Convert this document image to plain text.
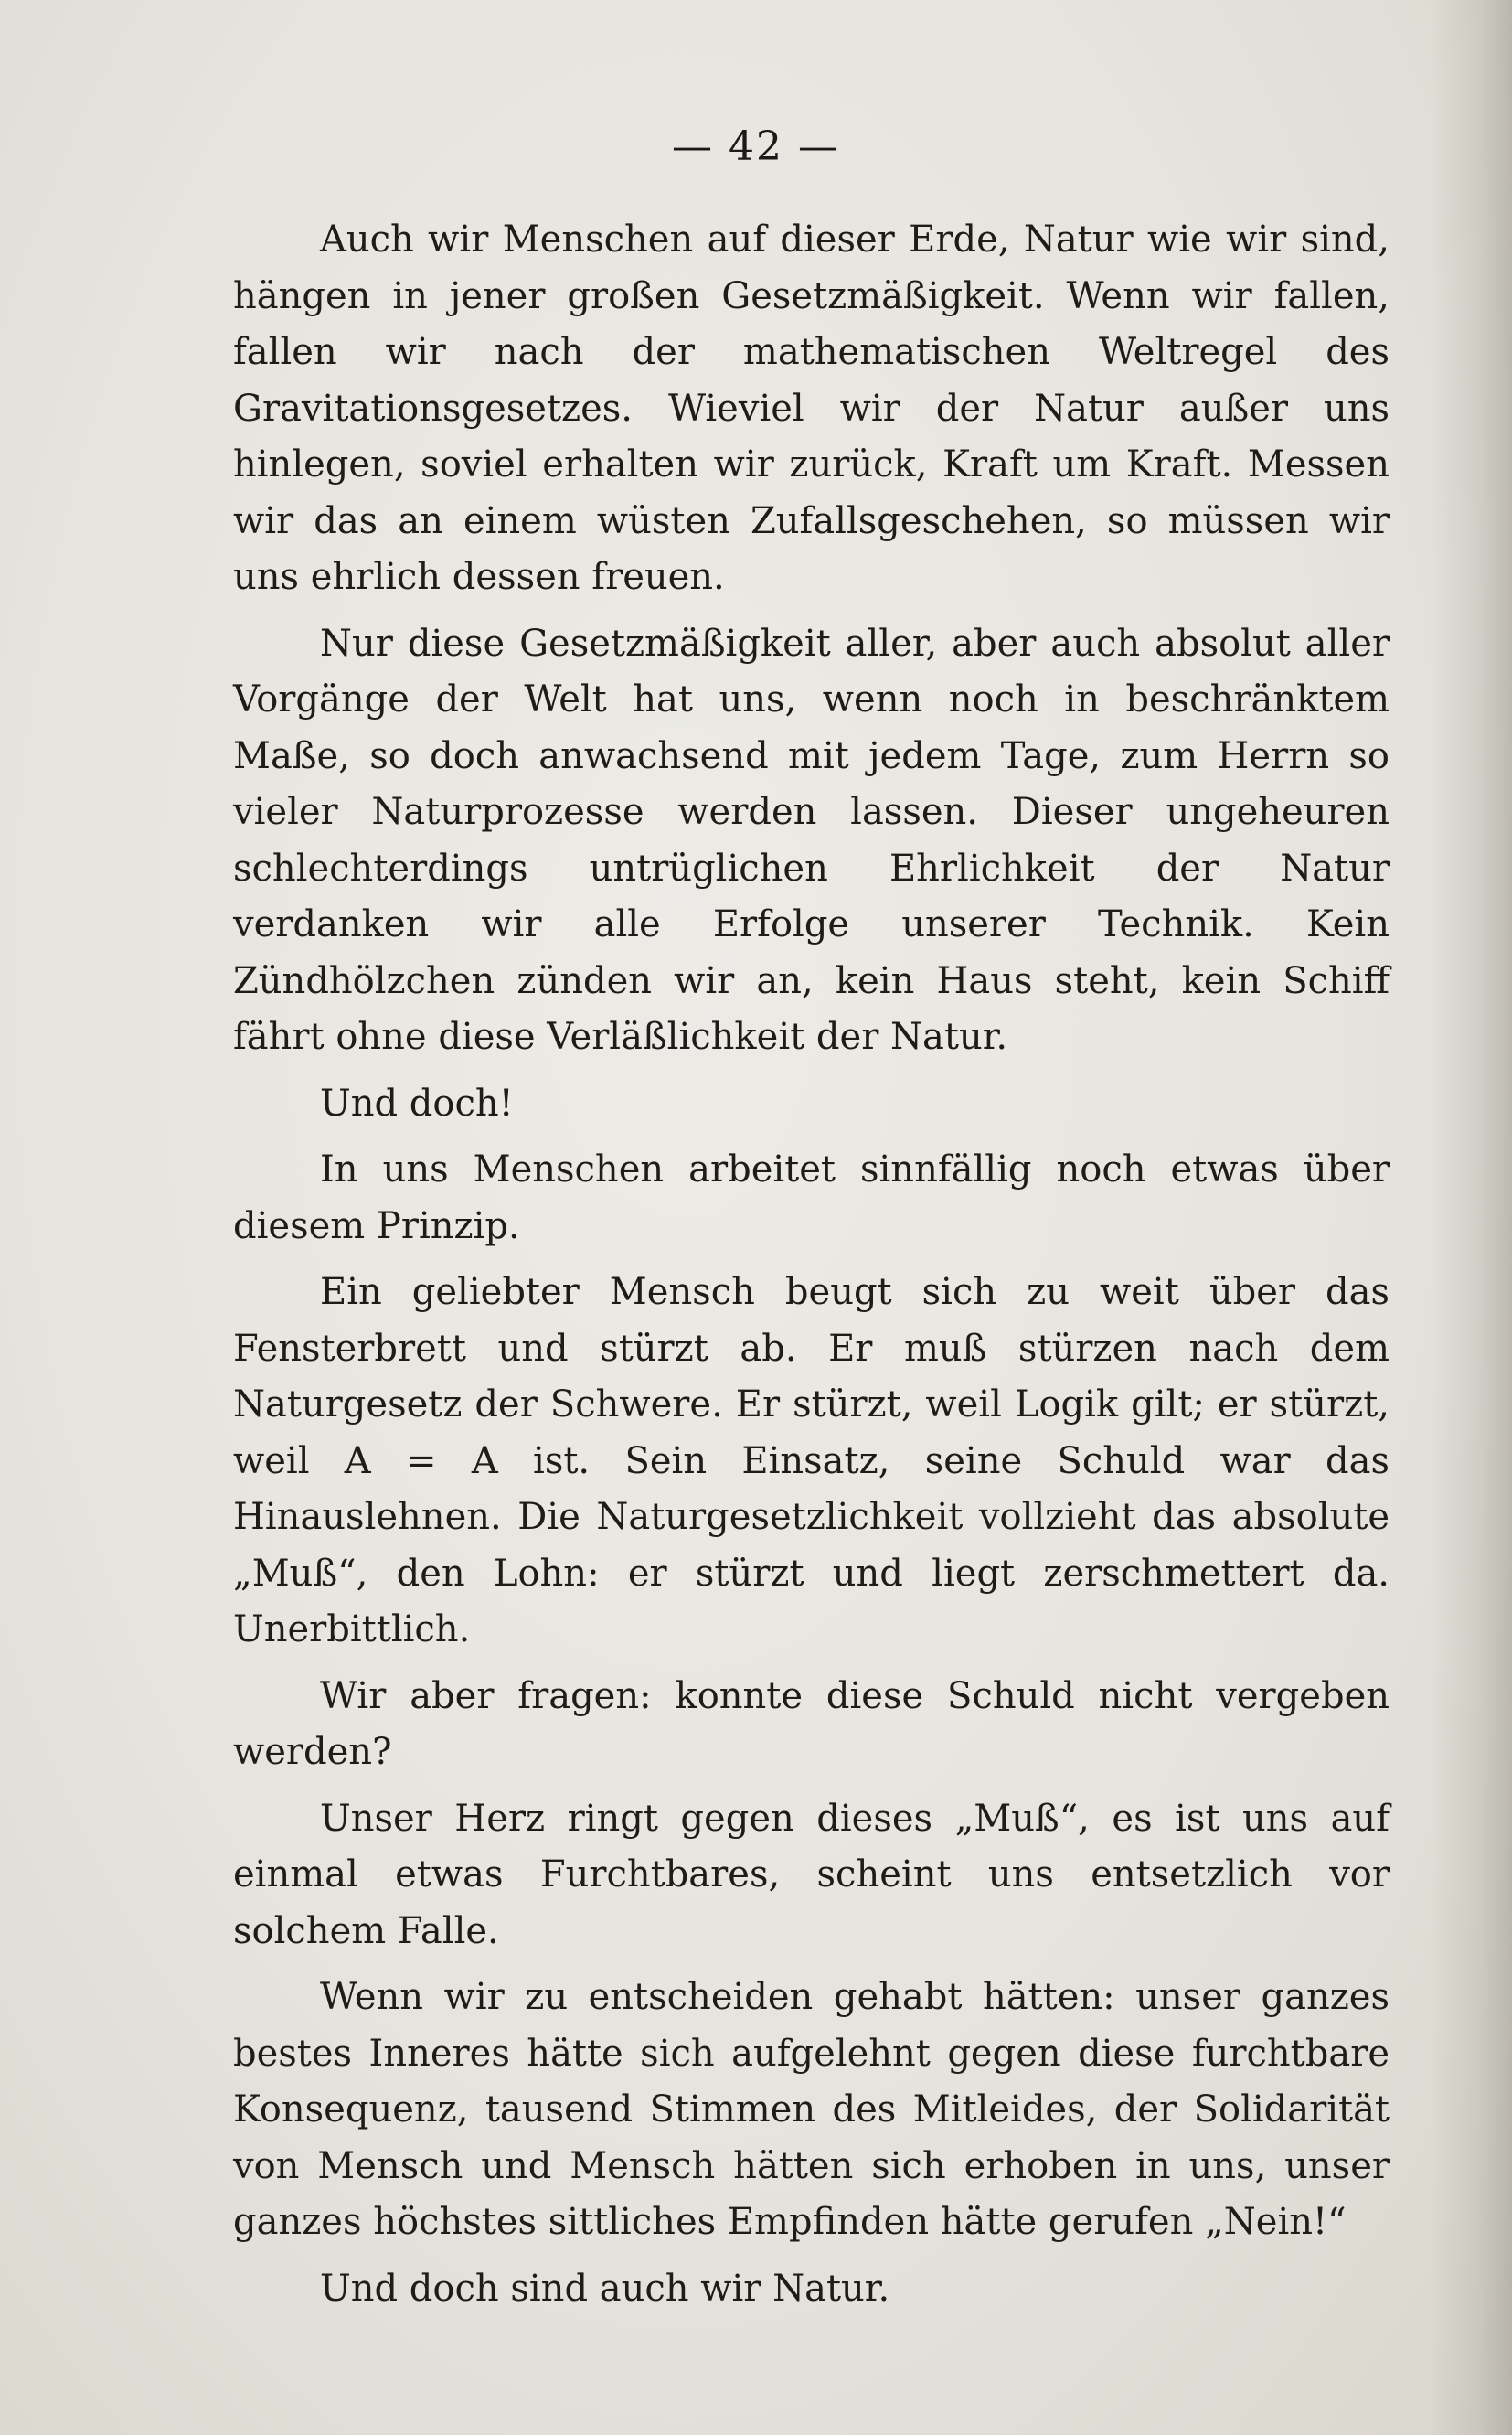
— 42 —

Auch wir Menschen auf dieser Erde, Natur wie wir sind, hängen in jener großen Gesetzmäßigkeit. Wenn wir fallen, fallen wir nach der mathematischen Weltregel des Gravitationsgesetzes. Wieviel wir der Natur außer uns hinlegen, soviel erhalten wir zurück, Kraft um Kraft. Messen wir das an einem wüsten Zufallsgeschehen, so müssen wir uns ehrlich dessen freuen.

Nur diese Gesetzmäßigkeit aller, aber auch absolut aller Vorgänge der Welt hat uns, wenn noch in beschränktem Maße, so doch anwachsend mit jedem Tage, zum Herrn so vieler Naturprozesse werden lassen. Dieser ungeheuren schlechterdings untrüglichen Ehrlichkeit der Natur verdanken wir alle Erfolge unserer Technik. Kein Zündhölzchen zünden wir an, kein Haus steht, kein Schiff fährt ohne diese Verläßlichkeit der Natur.

Und doch!

In uns Menschen arbeitet sinnfällig noch etwas über diesem Prinzip.

Ein geliebter Mensch beugt sich zu weit über das Fensterbrett und stürzt ab. Er muß stürzen nach dem Naturgesetz der Schwere. Er stürzt, weil Logik gilt; er stürzt, weil A = A ist. Sein Einsatz, seine Schuld war das Hinauslehnen. Die Naturgesetzlichkeit vollzieht das absolute „Muß“, den Lohn: er stürzt und liegt zerschmettert da. Unerbittlich.

Wir aber fragen: konnte diese Schuld nicht vergeben werden?

Unser Herz ringt gegen dieses „Muß“, es ist uns auf einmal etwas Furchtbares, scheint uns entsetzlich vor solchem Falle.

Wenn wir zu entscheiden gehabt hätten: unser ganzes bestes Inneres hätte sich aufgelehnt gegen diese furchtbare Konsequenz, tausend Stimmen des Mitleides, der Solidarität von Mensch und Mensch hätten sich erhoben in uns, unser ganzes höchstes sittliches Empfinden hätte gerufen „Nein!“

Und doch sind auch wir Natur.
